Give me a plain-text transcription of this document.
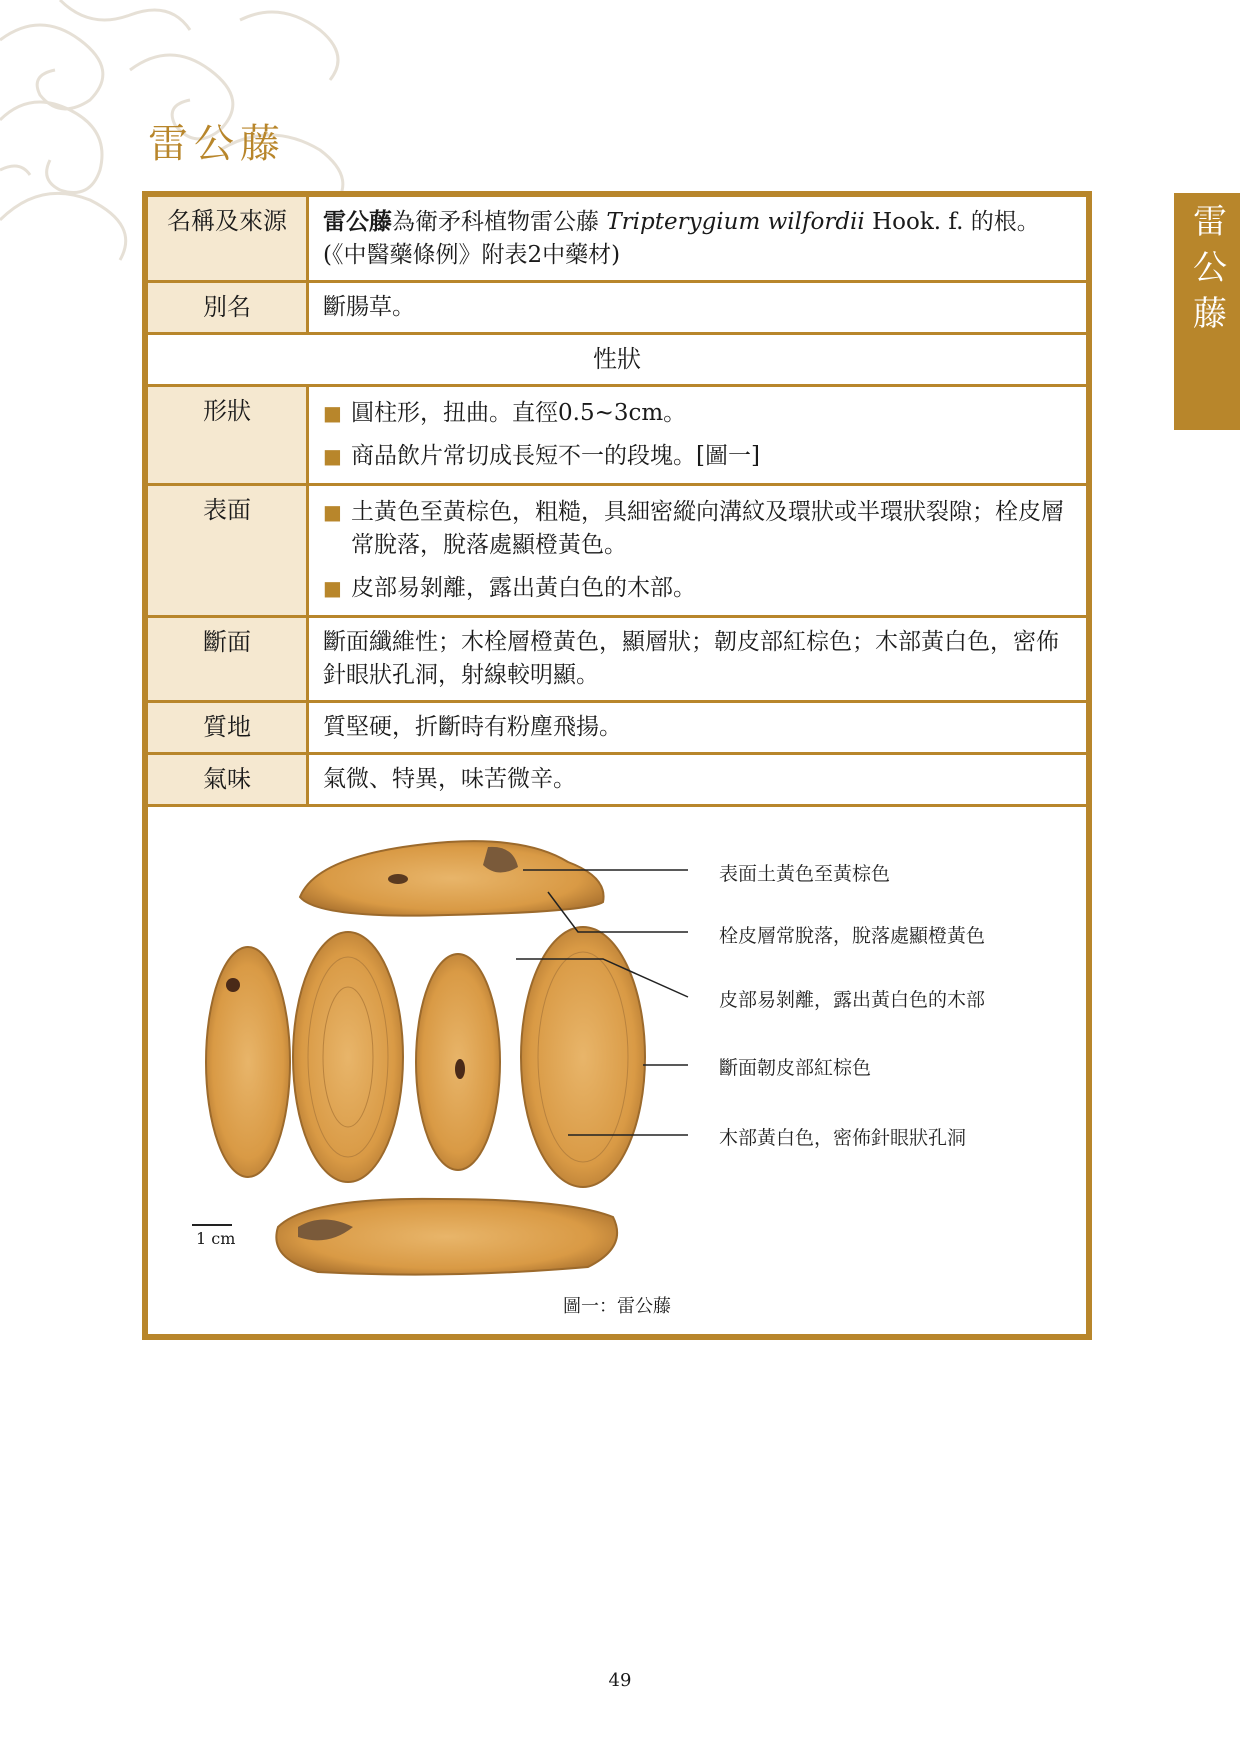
雷公藤
雷公藤
名稱及來源	雷公藤為衛矛科植物雷公藤 Tripterygium wilfordii Hook. f. 的根。
(《中醫藥條例》附表2中藥材)
別名	斷腸草。
性狀	
形狀	■ 圓柱形，扭曲。直徑0.5~3cm。
■ 商品飲片常切成長短不一的段塊。[圖一]

表面	■ 土黃色至黃棕色，粗糙，具細密縱向溝紋及環狀或半環狀裂隙；栓皮層常脫落，脫落處顯橙黃色。
■ 皮部易剝離，露出黃白色的木部。

斷面	斷面纖維性；木栓層橙黃色，顯層狀；韌皮部紅棕色；木部黃白色，密佈針眼狀孔洞，射線較明顯。
質地	質堅硬，折斷時有粉塵飛揚。
氣味	氣微、特異，味苦微辛。
表面土黃色至黃棕色
栓皮層常脫落，脫落處顯橙黃色
皮部易剝離，露出黃白色的木部
斷面韌皮部紅棕色
木部黃白色，密佈針眼狀孔洞
1 cm
圖一：雷公藤
49
